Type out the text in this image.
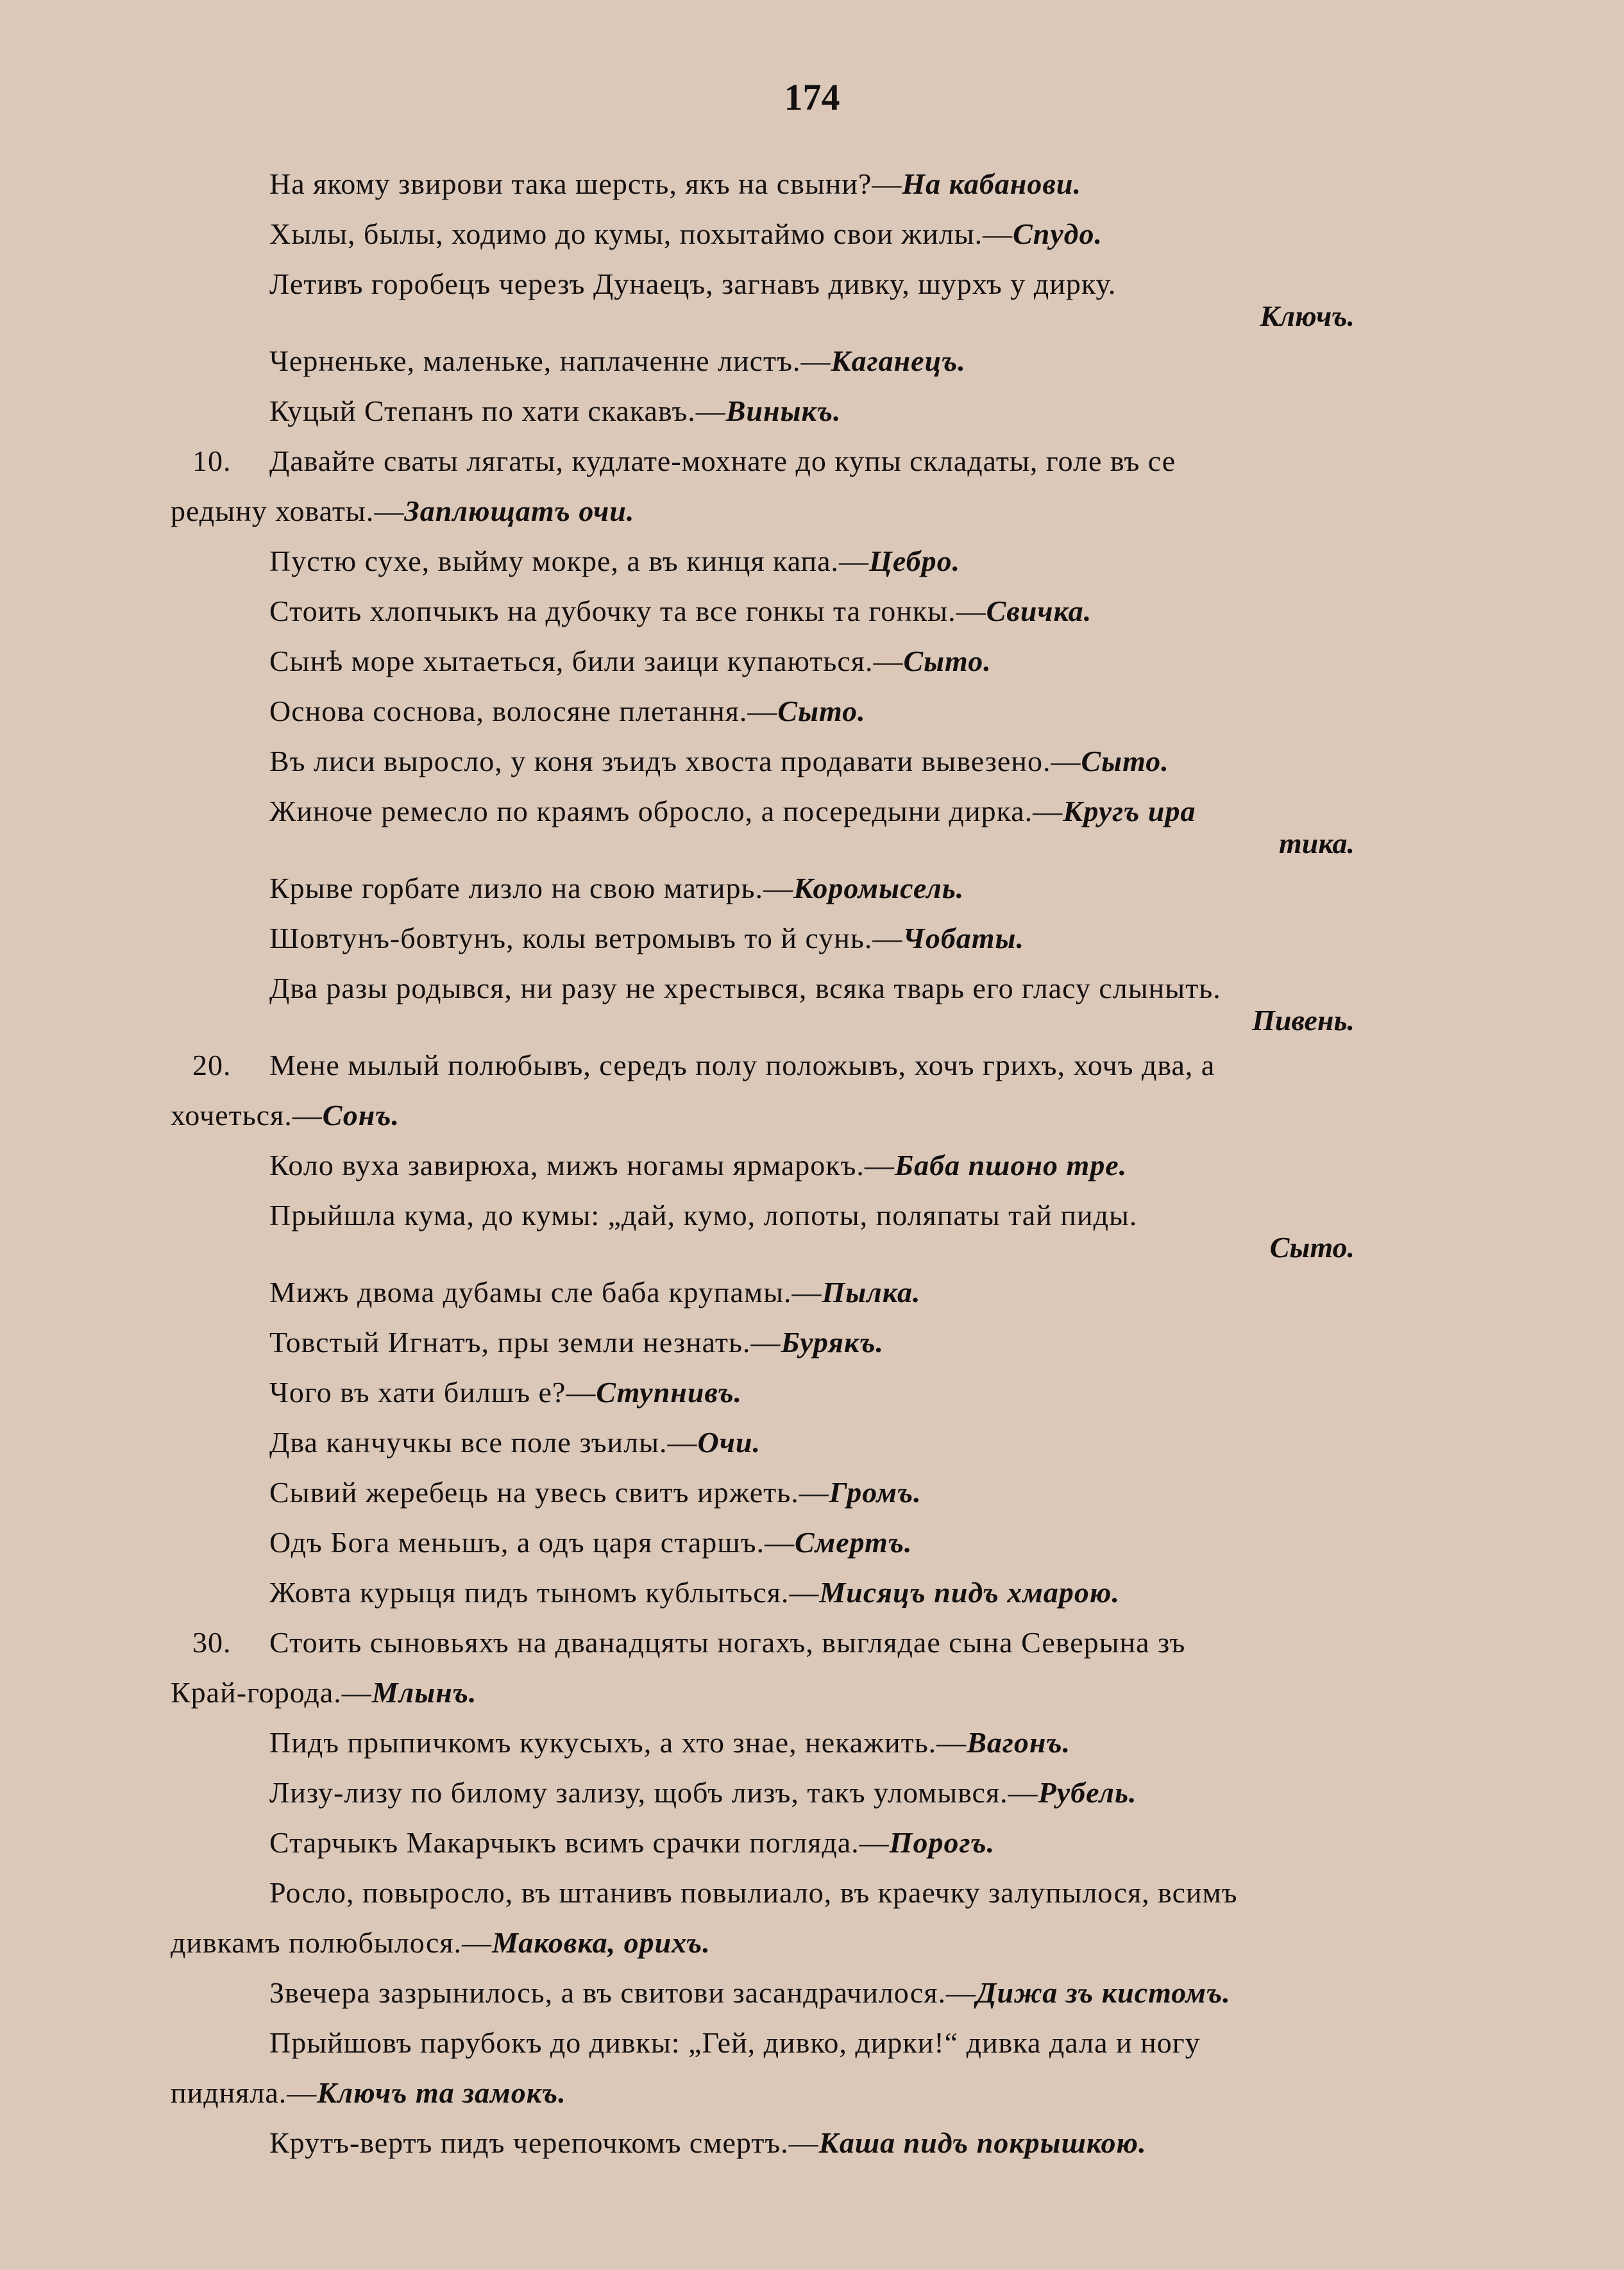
174
На якому звирови така шерсть, якъ на свыни?—На кабанови.
Хылы, былы, ходимо до кумы, похытаймо свои жилы.—Спудо.
Летивъ горобецъ черезъ Дунаецъ, загнавъ дивку, шурхъ у дирку.
Ключъ.
Черненьке, маленьке, наплаченне листъ.—Каганецъ.
Куцый Степанъ по хати скакавъ.—Виныкъ.
10. Давайте сваты лягаты, кудлате-мохнате до купы складаты, голе въ се
редыну ховаты.—Заплющатъ очи.
Пустю сухе, выйму мокре, а въ кинця капа.—Цебро.
Стоить хлопчыкъ на дубочку та все гонкы та гонкы.—Свичка.
Сынѣ море хытаеться, били заици купаються.—Сыто.
Основа соснова, волосяне плетання.—Сыто.
Въ лиси выросло, у коня зъидъ хвоста продавати вывезено.—Сыто.
Жиноче ремесло по краямъ оброслo, а посередыни дирка.—Кругъ ира
тика.
Крыве горбате лизло на свою матирь.—Коромысель.
Шовтунъ-бовтунъ, колы ветромывъ то й сунь.—Чобаты.
Два разы родывся, ни разу не хрестывся, всяка тварь его гласу слыныть.
Пивень.
20. Мене мылый полюбывъ, середъ полу положывъ, хочъ грихъ, хочъ два, а
хочеться.—Сонъ.
Коло вуха завирюха, мижъ ногамы ярмарокъ.—Баба пшоно тре.
Прыйшла кума, до кумы: „дай, кумо, лопоты, поляпаты тай пиды.
Сыто.
Мижъ двома дубамы сле баба крупамы.—Пылка.
Товстый Игнатъ, пры земли незнать.—Бурякъ.
Чого въ хати билшъ е?—Ступнивъ.
Два канчучкы все поле зъилы.—Очи.
Сывий жеребець на увесь свитъ иржеть.—Громъ.
Одъ Бога меньшъ, а одъ царя старшъ.—Смертъ.
Жовта курыця пидъ тыномъ кублыться.—Мисяцъ пидъ хмарою.
30. Стоить сыновьяхъ на дванадцяты ногахъ, выглядае сына Северына зъ
Край-города.—Млынъ.
Пидъ прыпичкомъ кукусыхъ, а хто знае, некажить.—Вагонъ.
Лизу-лизу по билому зализу, щобъ лизъ, такъ уломывся.—Рубель.
Старчыкъ Макарчыкъ всимъ срачки погляда.—Порогъ.
Росло, повыросло, въ штанивъ повылиало, въ краечку залупылося, всимъ
дивкамъ полюбылося.—Маковка, орихъ.
Звечера зазрынилось, а въ свитови засандрачилося.—Дижа зъ кистомъ.
Прыйшовъ парубокъ до дивкы: „Гей, дивко, дирки!“ дивка дала и ногу
пидняла.—Ключъ та замокъ.
Крутъ-вертъ пидъ черепочкомъ смертъ.—Каша пидъ покрышкою.
